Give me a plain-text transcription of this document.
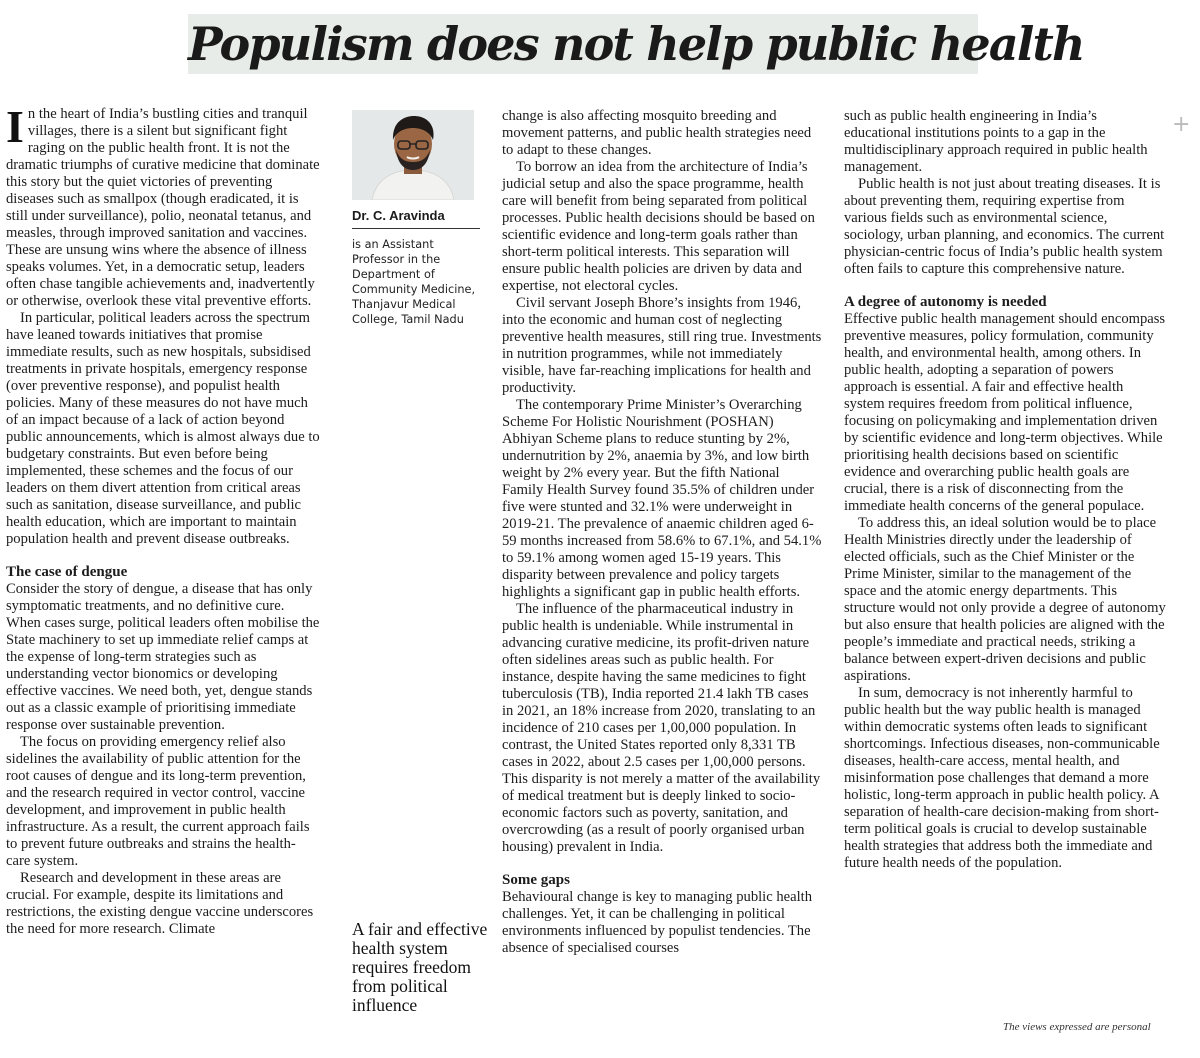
Populism does not help public health
+

In the heart of India’s bustling cities and tranquil villages, there is a silent but significant fight raging on the public health front. It is not the dramatic triumphs of curative medicine that dominate this story but the quiet victories of preventing diseases such as smallpox (though eradicated, it is still under surveillance), polio, neonatal tetanus, and measles, through improved sanitation and vaccines. These are unsung wins where the absence of illness speaks volumes. Yet, in a democratic setup, leaders often chase tangible achievements and, inadvertently or otherwise, overlook these vital preventive efforts.

In particular, political leaders across the spectrum have leaned towards initiatives that promise immediate results, such as new hospitals, subsidised treatments in private hospitals, emergency response (over preventive response), and populist health policies. Many of these measures do not have much of an impact because of a lack of action beyond public announcements, which is almost always due to budgetary constraints. But even before being implemented, these schemes and the focus of our leaders on them divert attention from critical areas such as sanitation, disease surveillance, and public health education, which are important to maintain population health and prevent disease outbreaks.

The case of dengue

Consider the story of dengue, a disease that has only symptomatic treatments, and no definitive cure. When cases surge, political leaders often mobilise the State machinery to set up immediate relief camps at the expense of long-term strategies such as understanding vector bionomics or developing effective vaccines. We need both, yet, dengue stands out as a classic example of prioritising immediate response over sustainable prevention.

The focus on providing emergency relief also sidelines the availability of public attention for the root causes of dengue and its long-term prevention, and the research required in vector control, vaccine development, and improvement in public health infrastructure. As a result, the current approach fails to prevent future outbreaks and strains the health-care system.

Research and development in these areas are crucial. For example, despite its limitations and restrictions, the existing dengue vaccine underscores the need for more research. Climate

Dr. C. Aravinda
is an Assistant Professor in the Department of Community Medicine, Thanjavur Medical College, Tamil Nadu
A fair and effective health system requires freedom from political influence

change is also affecting mosquito breeding and movement patterns, and public health strategies need to adapt to these changes.

To borrow an idea from the architecture of India’s judicial setup and also the space programme, health care will benefit from being separated from political processes. Public health decisions should be based on scientific evidence and long-term goals rather than short-term political interests. This separation will ensure public health policies are driven by data and expertise, not electoral cycles.

Civil servant Joseph Bhore’s insights from 1946, into the economic and human cost of neglecting preventive health measures, still ring true. Investments in nutrition programmes, while not immediately visible, have far-reaching implications for health and productivity.

The contemporary Prime Minister’s Overarching Scheme For Holistic Nourishment (POSHAN) Abhiyan Scheme plans to reduce stunting by 2%, undernutrition by 2%, anaemia by 3%, and low birth weight by 2% every year. But the fifth National Family Health Survey found 35.5% of children under five were stunted and 32.1% were underweight in 2019-21. The prevalence of anaemic children aged 6-59 months increased from 58.6% to 67.1%, and 54.1% to 59.1% among women aged 15-19 years. This disparity between prevalence and policy targets highlights a significant gap in public health efforts.

The influence of the pharmaceutical industry in public health is undeniable. While instrumental in advancing curative medicine, its profit-driven nature often sidelines areas such as public health. For instance, despite having the same medicines to fight tuberculosis (TB), India reported 21.4 lakh TB cases in 2021, an 18% increase from 2020, translating to an incidence of 210 cases per 1,00,000 population. In contrast, the United States reported only 8,331 TB cases in 2022, about 2.5 cases per 1,00,000 persons. This disparity is not merely a matter of the availability of medical treatment but is deeply linked to socio-economic factors such as poverty, sanitation, and overcrowding (as a result of poorly organised urban housing) prevalent in India.

Some gaps

Behavioural change is key to managing public health challenges. Yet, it can be challenging in political environments influenced by populist tendencies. The absence of specialised courses

such as public health engineering in India’s educational institutions points to a gap in the multidisciplinary approach required in public health management.

Public health is not just about treating diseases. It is about preventing them, requiring expertise from various fields such as environmental science, sociology, urban planning, and economics. The current physician-centric focus of India’s public health system often fails to capture this comprehensive nature.

A degree of autonomy is needed

Effective public health management should encompass preventive measures, policy formulation, community health, and environmental health, among others. In public health, adopting a separation of powers approach is essential. A fair and effective health system requires freedom from political influence, focusing on policymaking and implementation driven by scientific evidence and long-term objectives. While prioritising health decisions based on scientific evidence and overarching public health goals are crucial, there is a risk of disconnecting from the immediate health concerns of the general populace.

To address this, an ideal solution would be to place Health Ministries directly under the leadership of elected officials, such as the Chief Minister or the Prime Minister, similar to the management of the space and the atomic energy departments. This structure would not only provide a degree of autonomy but also ensure that health policies are aligned with the people’s immediate and practical needs, striking a balance between expert-driven decisions and public aspirations.

In sum, democracy is not inherently harmful to public health but the way public health is managed within democratic systems often leads to significant shortcomings. Infectious diseases, non-communicable diseases, health-care access, mental health, and misinformation pose challenges that demand a more holistic, long-term approach in public health policy. A separation of health-care decision-making from short-term political goals is crucial to develop sustainable health strategies that address both the immediate and future health needs of the population.

The views expressed are personal
